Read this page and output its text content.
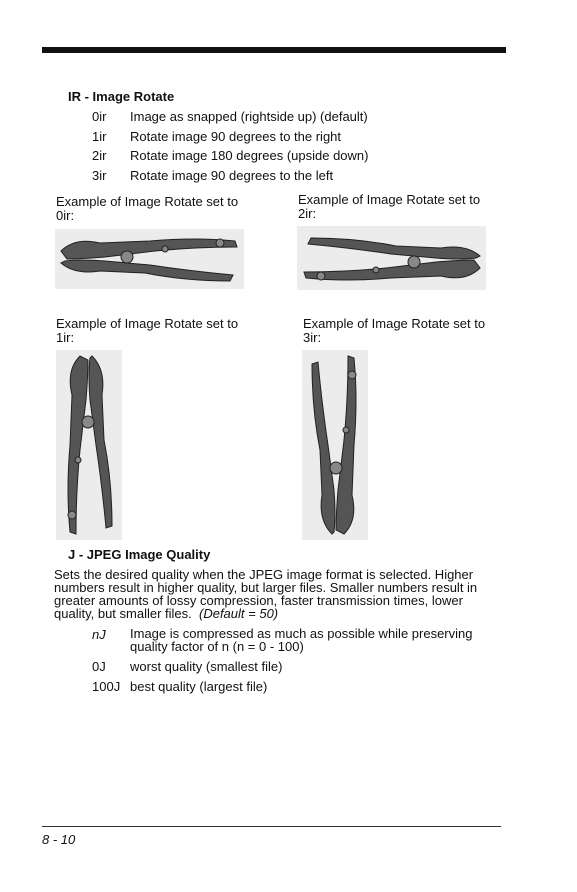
IR - Image Rotate
0ir Image as snapped (rightside up) (default)
1ir Rotate image 90 degrees to the right
2ir Rotate image 180 degrees (upside down)
3ir Rotate image 90 degrees to the left
Example of Image Rotate set to 0ir:
Example of Image Rotate set to 2ir:
Example of Image Rotate set to 1ir:
Example of Image Rotate set to 3ir:
J - JPEG Image Quality
Sets the desired quality when the JPEG image format is selected. Higher numbers result in higher quality, but larger files. Smaller numbers result in greater amounts of lossy compression, faster transmission times, lower quality, but smaller files. (Default = 50)
nJ Image is compressed as much as possible while preserving quality factor of n (n = 0 - 100)
0J worst quality (smallest file)
100J best quality (largest file)
8 - 10
